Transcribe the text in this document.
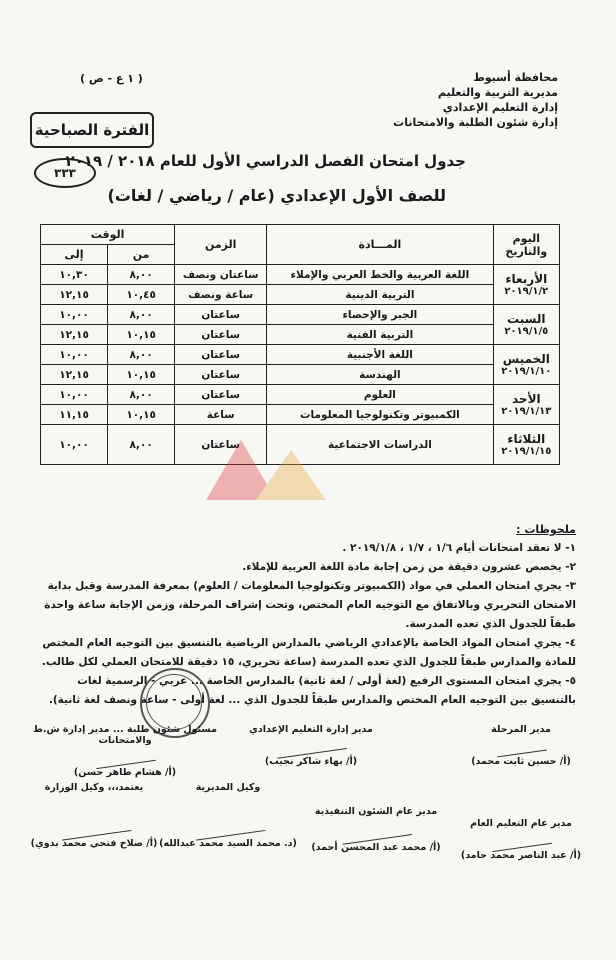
محافظة أسيوط
مديرية التربية والتعليم
إدارة التعليم الإعدادي
إدارة شئون الطلبة والامتحانات
( ١ ع - ص )
الفترة الصباحية
جدول امتحان الفصل الدراسي الأول للعام ٢٠١٨ / ٢٠١٩
٣٣٣
للصف الأول الإعدادي (عام / رياضي / لغات)
اليوم والتاريخ	المـــادة	الزمن	الوقت	
			من	إلى

الأربعاء
٢٠١٩/١/٢	اللغة العربية والخط العربي والإملاء	ساعتان ونصف	٨,٠٠	١٠,٣٠
	التربية الدينية	ساعة ونصف	١٠,٤٥	١٢,١٥

السبت
٢٠١٩/١/٥	الجبر والإحصاء	ساعتان	٨,٠٠	١٠,٠٠
	التربية الفنية	ساعتان	١٠,١٥	١٢,١٥

الخميس
٢٠١٩/١/١٠	اللغة الأجنبية	ساعتان	٨,٠٠	١٠,٠٠
	الهندسة	ساعتان	١٠,١٥	١٢,١٥

الأحد
٢٠١٩/١/١٣	العلوم	ساعتان	٨,٠٠	١٠,٠٠
	الكمبيوتر وتكنولوجيا المعلومات	ساعة	١٠,١٥	١١,١٥

الثلاثاء
٢٠١٩/١/١٥	الدراسات الاجتماعية	ساعتان	٨,٠٠	١٠,٠٠
ملحوظات :

١- لا تعقد امتحانات أيام ١/٦ ، ١/٧ ، ٢٠١٩/١/٨ .

٢- يخصص عشرون دقيقة من زمن إجابة مادة اللغة العربية للإملاء.

٣- يجري امتحان العملي في مواد (الكمبيوتر وتكنولوجيا المعلومات / العلوم) بمعرفة المدرسة وقبل بداية الامتحان التحريري وبالاتفاق مع التوجيه العام المختص، وتحت إشراف المرحلة، وزمن الإجابة ساعة واحدة طبقاً للجدول الذي تعده المدرسة.

٤- يجري امتحان المواد الخاصة بالإعدادي الرياضي بالمدارس الرياضية بالتنسيق بين التوجيه العام المختص للمادة والمدارس طبقاً للجدول الذي تعده المدرسة (ساعة تحريري، ١٥ دقيقة للامتحان العملي لكل طالب.

٥- يجري امتحان المستوى الرفيع (لغة أولى / لغة ثانية) بالمدارس الخاصة ... عربي - الرسمية لغات بالتنسيق بين التوجيه العام المختص والمدارس طبقاً للجدول الذي ... لغة أولى - ساعة ونصف لغة ثانية).

مدير المرحلة
(أ/ حسين ثابت محمد)
مدير إدارة التعليم الإعدادي
(أ/ بهاء شاكر نجيب)
مسئول شئون طلبة ... مدير إدارة ش.ط والامتحانات
(أ/ هشام طاهر حسن)
مدير عام التعليم العام
(أ/ عبد الناصر محمد حامد)
مدير عام الشئون التنفيذية
(أ/ محمد عبد المحسن أحمد)
وكيل المديرية
(د. محمد السيد محمد عبدالله)
يعتمد،،، وكيل الوزارة
(أ/ صلاح فتحي محمد بدوي)
